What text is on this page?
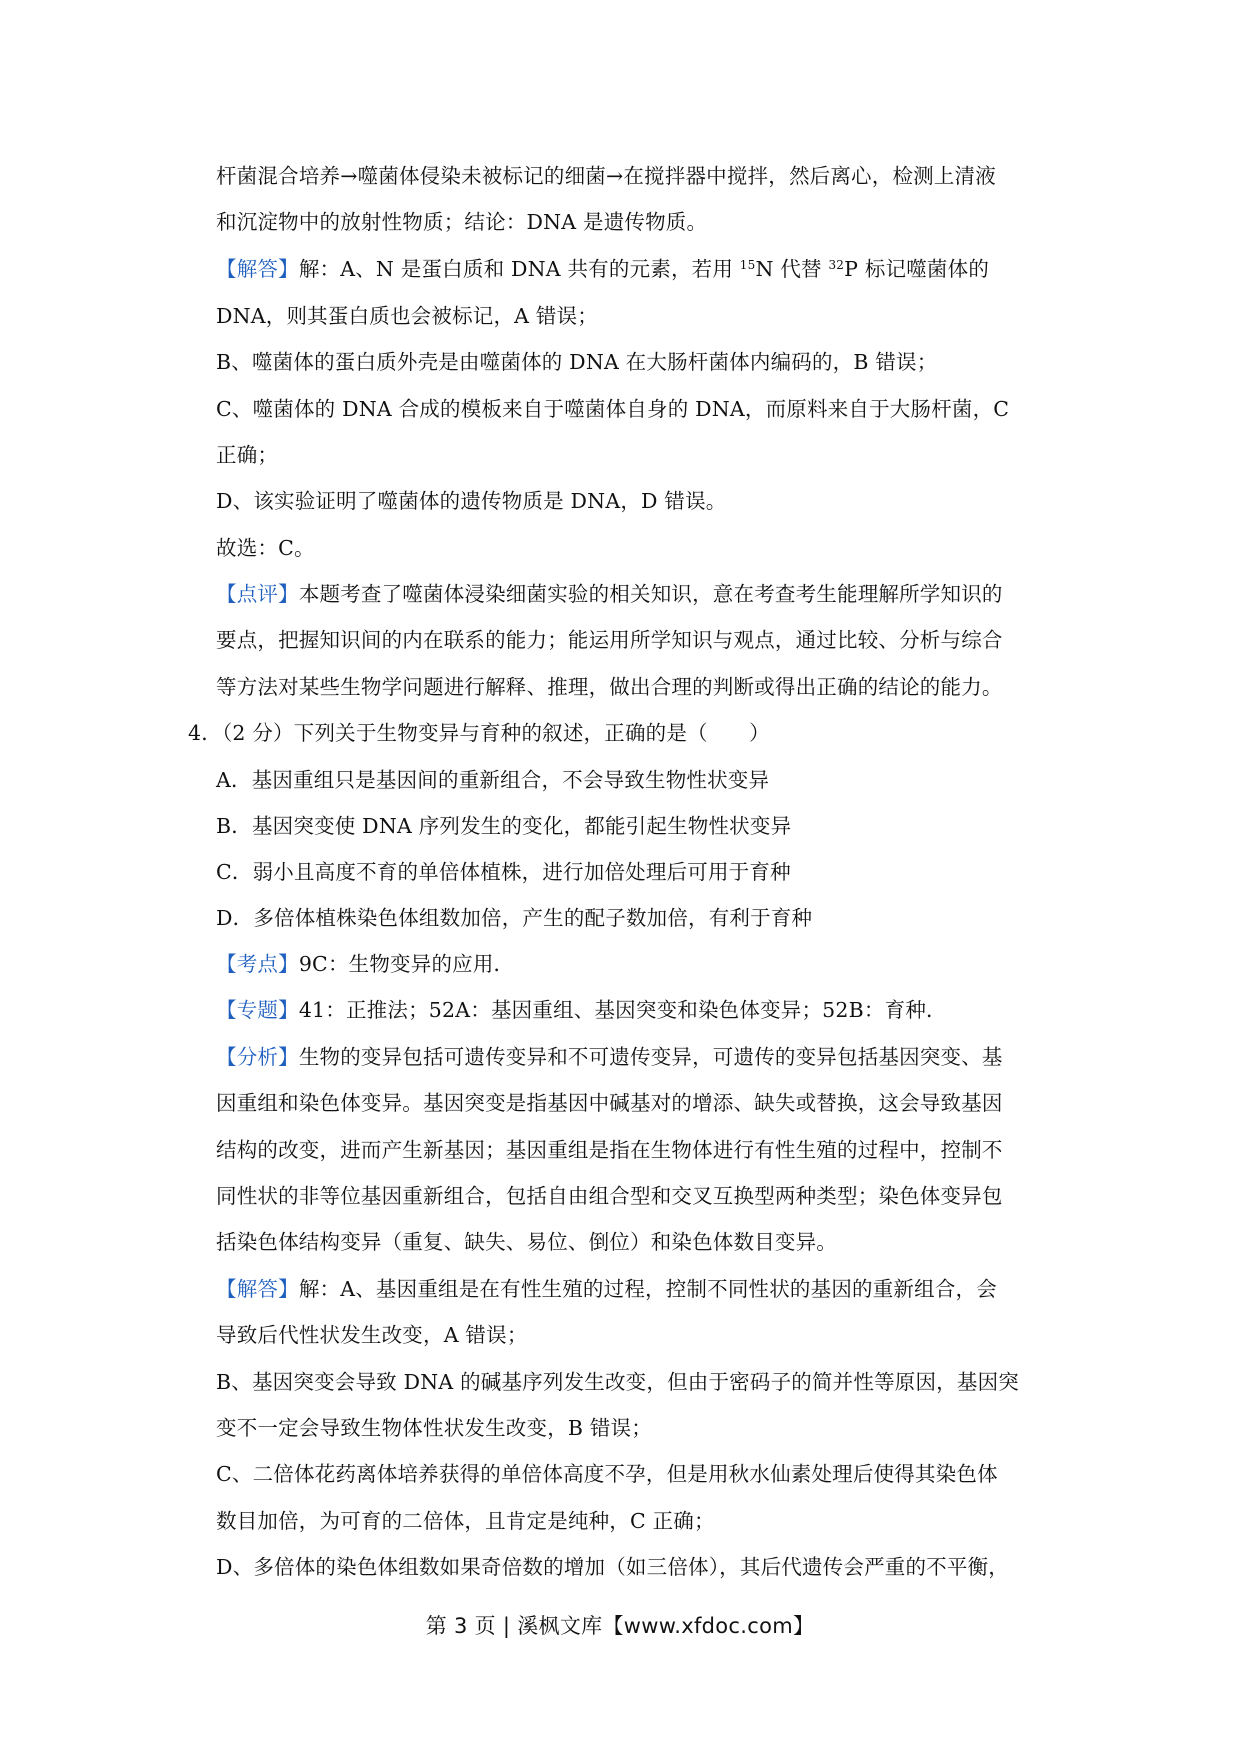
杆菌混合培养→噬菌体侵染未被标记的细菌→在搅拌器中搅拌，然后离心，检测上清液
和沉淀物中的放射性物质；结论：DNA 是遗传物质。
【解答】解：A、N 是蛋白质和 DNA 共有的元素，若用 $^{15}$N 代替 $^{32}$P 标记噬菌体的
DNA，则其蛋白质也会被标记，A 错误；
B、噬菌体的蛋白质外壳是由噬菌体的 DNA 在大肠杆菌体内编码的，B 错误；
C、噬菌体的 DNA 合成的模板来自于噬菌体自身的 DNA，而原料来自于大肠杆菌，C
正确；
D、该实验证明了噬菌体的遗传物质是 DNA，D 错误。
故选：C。
【点评】本题考查了噬菌体浸染细菌实验的相关知识，意在考查考生能理解所学知识的
要点，把握知识间的内在联系的能力；能运用所学知识与观点，通过比较、分析与综合
等方法对某些生物学问题进行解释、推理，做出合理的判断或得出正确的结论的能力。
4．（2 分）下列关于生物变异与育种的叙述，正确的是（　　）
A．基因重组只是基因间的重新组合，不会导致生物性状变异
B．基因突变使 DNA 序列发生的变化，都能引起生物性状变异
C．弱小且高度不育的单倍体植株，进行加倍处理后可用于育种
D．多倍体植株染色体组数加倍，产生的配子数加倍，有利于育种
【考点】9C：生物变异的应用．
【专题】41：正推法；52A：基因重组、基因突变和染色体变异；52B：育种．
【分析】生物的变异包括可遗传变异和不可遗传变异，可遗传的变异包括基因突变、基
因重组和染色体变异。基因突变是指基因中碱基对的增添、缺失或替换，这会导致基因
结构的改变，进而产生新基因；基因重组是指在生物体进行有性生殖的过程中，控制不
同性状的非等位基因重新组合，包括自由组合型和交叉互换型两种类型；染色体变异包
括染色体结构变异（重复、缺失、易位、倒位）和染色体数目变异。
【解答】解：A、基因重组是在有性生殖的过程，控制不同性状的基因的重新组合，会
导致后代性状发生改变，A 错误；
B、基因突变会导致 DNA 的碱基序列发生改变，但由于密码子的简并性等原因，基因突
变不一定会导致生物体性状发生改变，B 错误；
C、二倍体花药离体培养获得的单倍体高度不孕，但是用秋水仙素处理后使得其染色体
数目加倍，为可育的二倍体，且肯定是纯种，C 正确；
D、多倍体的染色体组数如果奇倍数的增加（如三倍体），其后代遗传会严重的不平衡，
第 3 页 | 溪枫文库【www.xfdoc.com】
